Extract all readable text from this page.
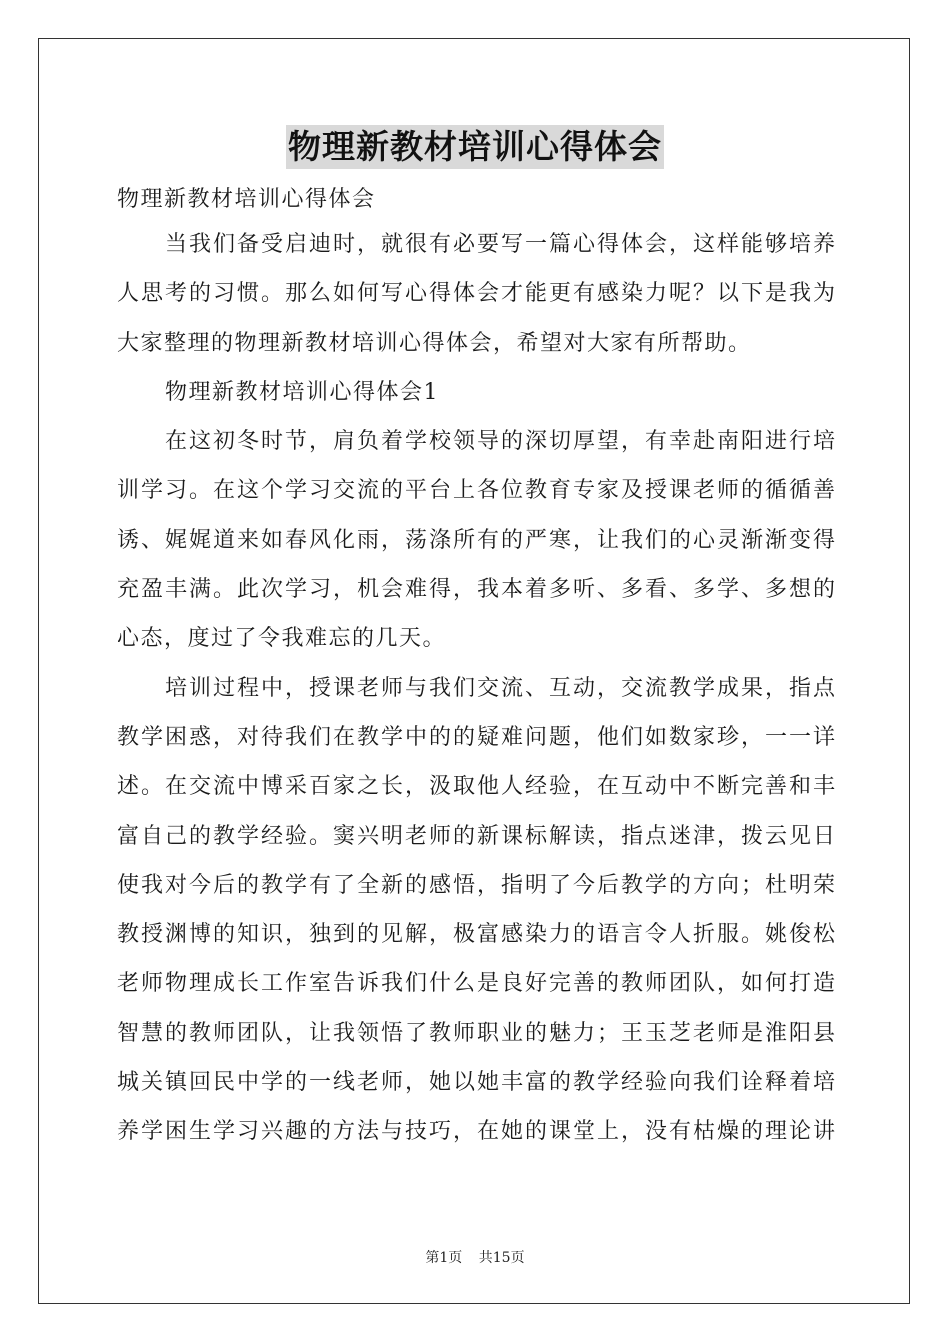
物理新教材培训心得体会
物理新教材培训心得体会
当我们备受启迪时，就很有必要写一篇心得体会，这样能够培养
人思考的习惯。那么如何写心得体会才能更有感染力呢？以下是我为
大家整理的物理新教材培训心得体会，希望对大家有所帮助。
物理新教材培训心得体会1
在这初冬时节，肩负着学校领导的深切厚望，有幸赴南阳进行培
训学习。在这个学习交流的平台上各位教育专家及授课老师的循循善
诱、娓娓道来如春风化雨，荡涤所有的严寒，让我们的心灵渐渐变得
充盈丰满。此次学习，机会难得，我本着多听、多看、多学、多想的
心态，度过了令我难忘的几天。
培训过程中，授课老师与我们交流、互动，交流教学成果，指点
教学困惑，对待我们在教学中的的疑难问题，他们如数家珍，一一详
述。在交流中博采百家之长，汲取他人经验，在互动中不断完善和丰
富自己的教学经验。窦兴明老师的新课标解读，指点迷津，拨云见日
使我对今后的教学有了全新的感悟，指明了今后教学的方向；杜明荣
教授渊博的知识，独到的见解，极富感染力的语言令人折服。姚俊松
老师物理成长工作室告诉我们什么是良好完善的教师团队，如何打造
智慧的教师团队，让我领悟了教师职业的魅力；王玉芝老师是淮阳县
城关镇回民中学的一线老师，她以她丰富的教学经验向我们诠释着培
养学困生学习兴趣的方法与技巧，在她的课堂上，没有枯燥的理论讲
第1页 共15页
